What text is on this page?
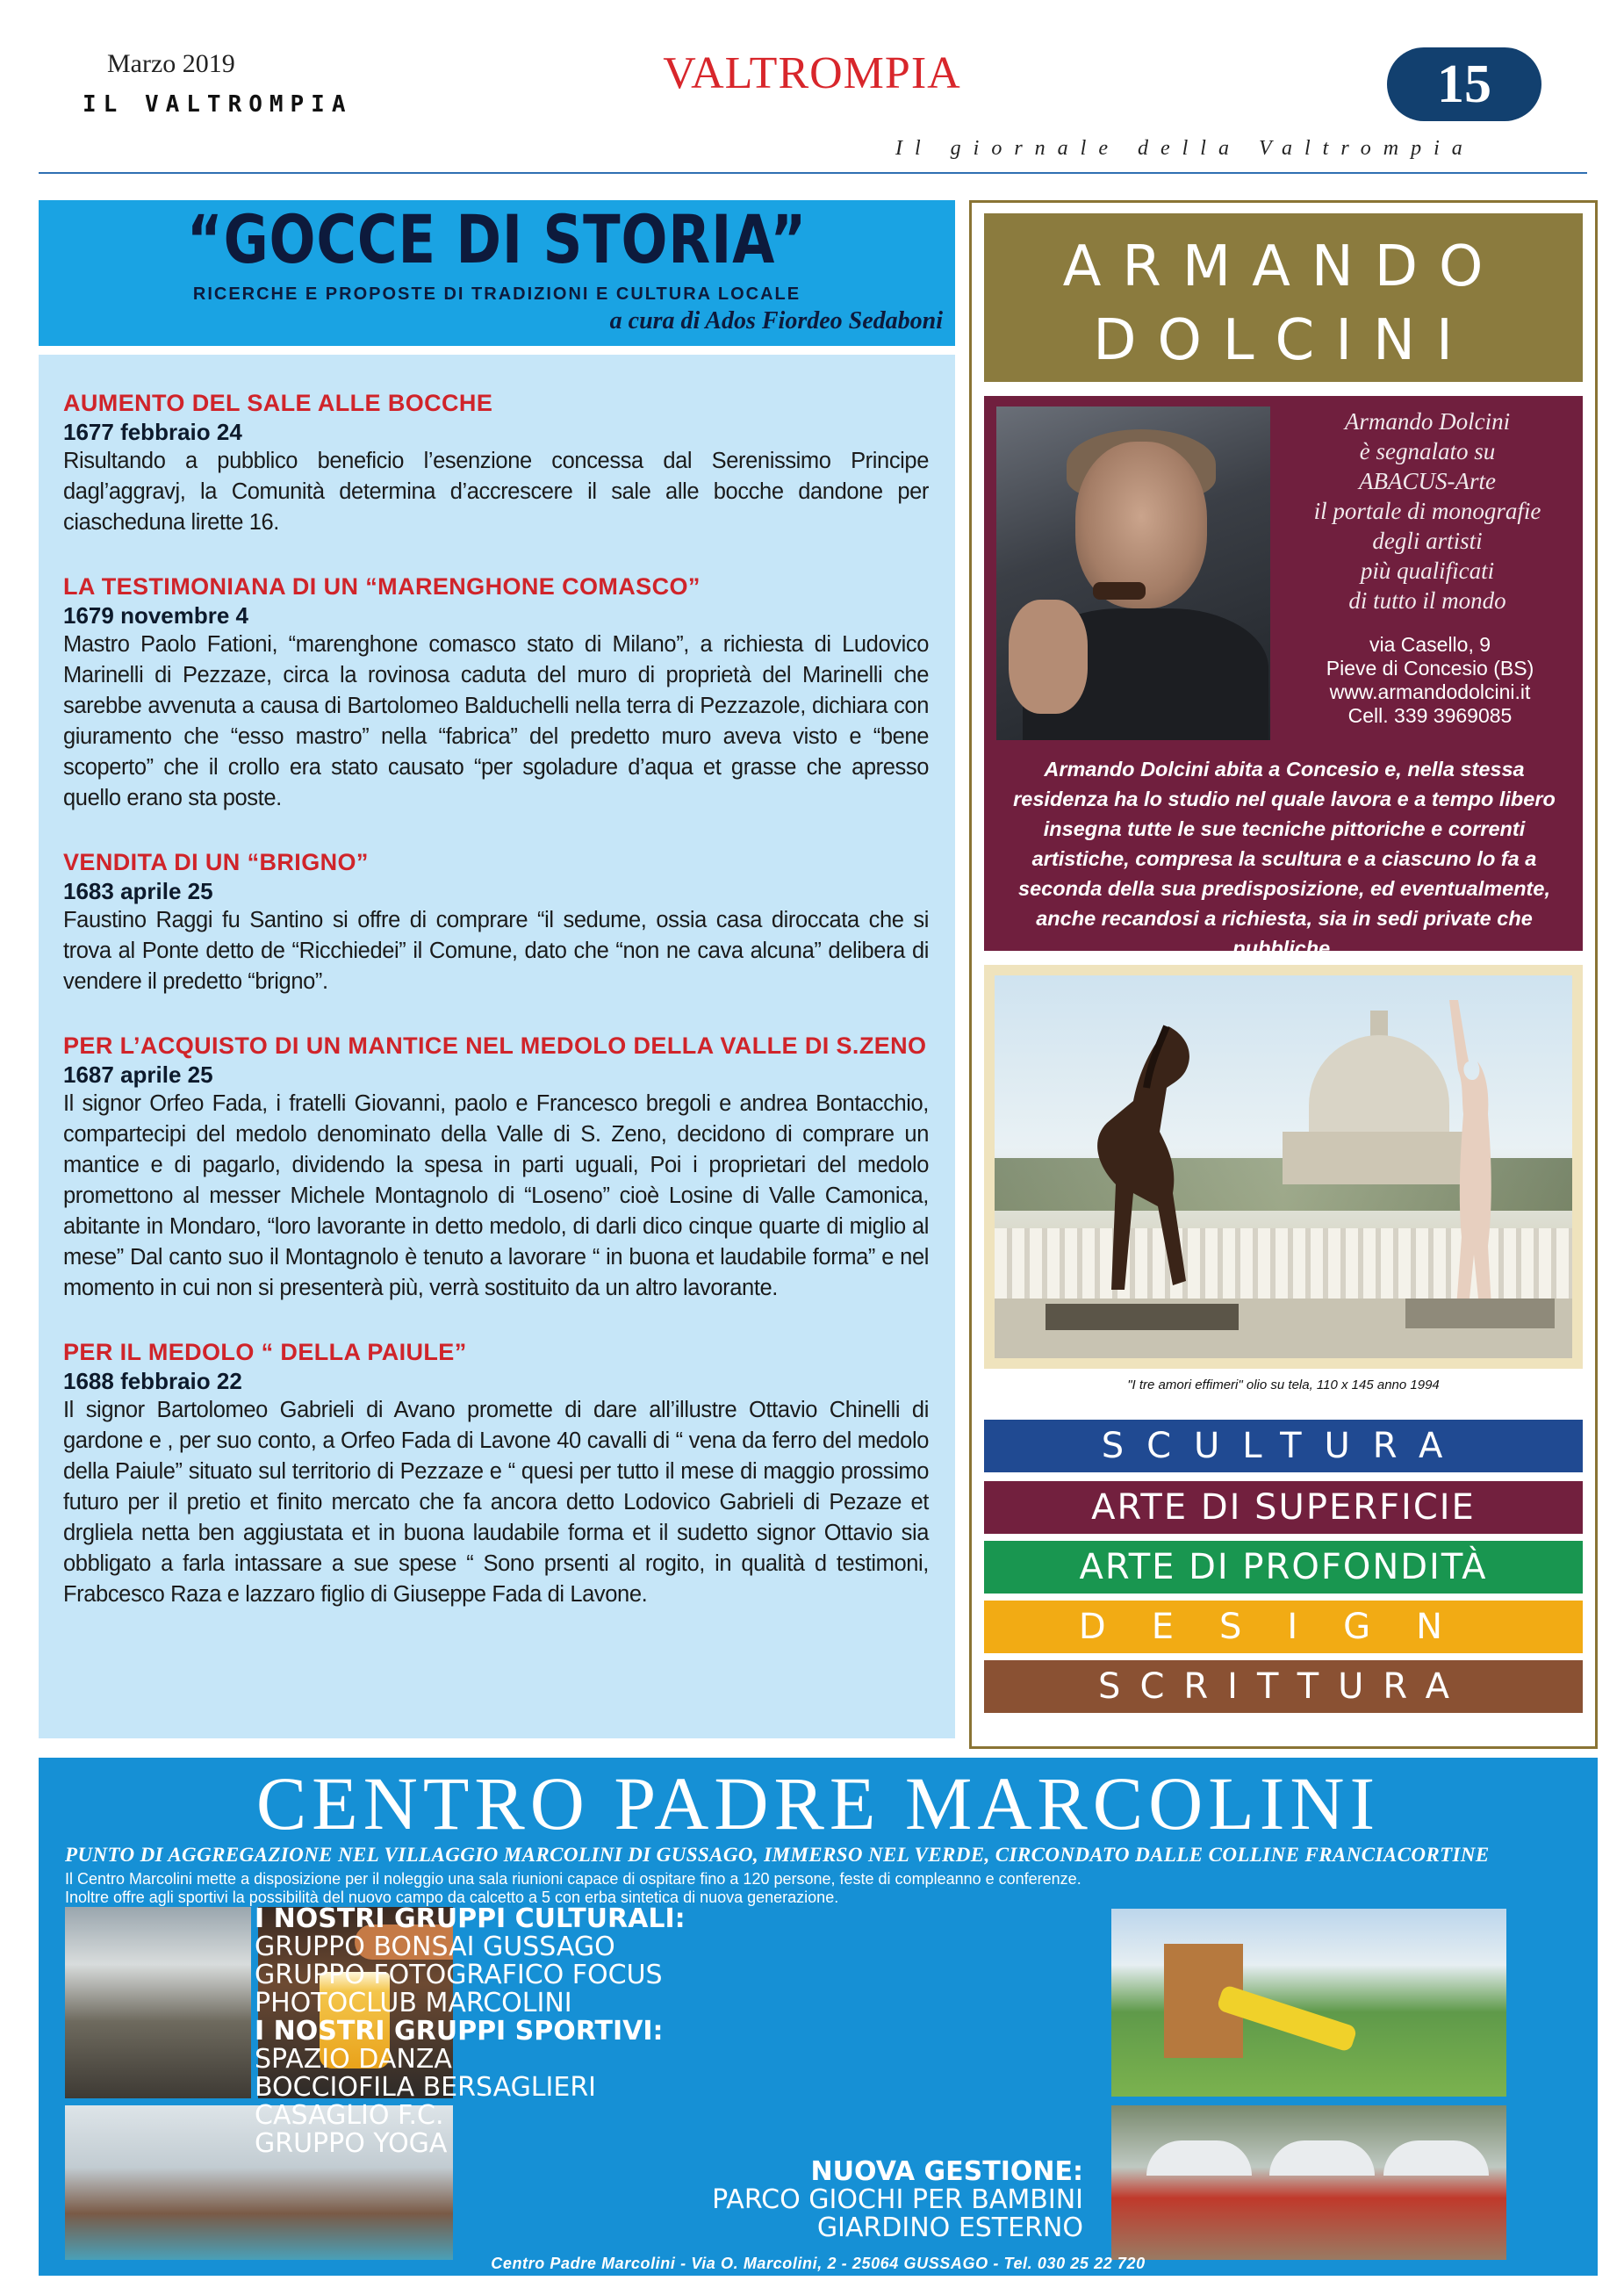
Marzo 2019
IL VALTROMPIA
VALTROMPIA	15
Il giornale della Valtrompia
“GOCCE DI STORIA”
RICERCHE E PROPOSTE DI TRADIZIONI E CULTURA LOCALE
a cura di Ados Fiordeo Sedaboni
AUMENTO DEL SALE ALLE BOCCHE
1677 febbraio 24
Risultando a pubblico beneficio l’esenzione concessa dal Serenissimo Principe dagl’aggravj, la Comunità determina d’accrescere il sale alle bocche dandone per ciascheduna lirette 16.
LA TESTIMONIANA DI UN “MARENGHONE COMASCO”
1679 novembre 4
Mastro Paolo Fationi, “marenghone comasco stato di Milano”, a richiesta di Ludovico Marinelli di Pezzaze, circa la rovinosa caduta del muro di proprietà del Marinelli che sarebbe avvenuta a causa di Bartolomeo Balduchelli nella terra di Pezzazole, dichiara con giuramento che “esso mastro” nella “fabrica” del predetto muro aveva visto e “bene scoperto” che il crollo era stato causato “per sgoladure d’aqua et grasse che apresso quello erano sta poste.
VENDITA DI UN “BRIGNO”
1683 aprile 25
Faustino Raggi fu Santino si offre di comprare “il sedume, ossia casa diroccata che si trova al Ponte detto de “Ricchiedei” il Comune, dato che “non ne cava alcuna” delibera di vendere il predetto “brigno”.
PER L’ACQUISTO DI UN MANTICE NEL MEDOLO DELLA VALLE DI S.ZENO
1687 aprile 25
Il signor Orfeo Fada, i fratelli Giovanni, paolo e Francesco bregoli e andrea Bontacchio, compartecipi del medolo denominato della Valle di S. Zeno, decidono di comprare un mantice e di pagarlo, dividendo la spesa in parti uguali, Poi i proprietari del medolo promettono al messer Michele Montagnolo di “Loseno” cioè Losine di Valle Camonica, abitante in Mondaro, “loro lavorante in detto medolo, di darli dico cinque quarte di miglio al mese” Dal canto suo il Montagnolo è tenuto a lavorare “ in buona et laudabile forma” e nel momento in cui non si presenterà più, verrà sostituito da un altro lavorante.
PER IL MEDOLO “ DELLA PAIULE”
1688 febbraio 22
Il signor Bartolomeo Gabrieli di Avano promette di dare all’illustre Ottavio Chinelli di gardone e , per suo conto, a Orfeo Fada di Lavone 40 cavalli di “ vena da ferro del medolo della Paiule” situato sul territorio di Pezzaze e “ quesi per tutto il mese di maggio prossimo futuro per il pretio et finito mercato che fa ancora detto Lodovico Gabrieli di Pezaze et drgliela netta ben aggiustata et in buona laudabile forma et il sudetto signor Ottavio sia obbligato a farla intassare a sue spese “ Sono prsenti al rogito, in qualità d testimoni, Frabcesco Raza e lazzaro figlio di Giuseppe Fada di Lavone.
ARMANDO
DOLCINI
Armando Dolcini
è segnalato su
ABACUS-Arte
il portale di monografie
degli artisti
più qualificati
di tutto il mondo
via Casello, 9
Pieve di Concesio (BS)
www.armandodolcini.it
Cell. 339 3969085
Armando Dolcini abita a Concesio e, nella stessa residenza ha lo studio nel quale lavora e a tempo libero insegna tutte le sue tecniche pittoriche e correnti artistiche, compresa la scultura e a ciascuno lo fa a seconda della sua predisposizione, ed eventualmente, anche recandosi a richiesta, sia in sedi private che pubbliche.
"I tre amori effimeri" olio su tela, 110 x 145 anno 1994
SCULTURA
ARTE DI SUPERFICIE
ARTE DI PROFONDITÀ
DESIGN
SCRITTURA
CENTRO PADRE MARCOLINI
PUNTO DI AGGREGAZIONE NEL VILLAGGIO MARCOLINI DI GUSSAGO, IMMERSO NEL VERDE, CIRCONDATO DALLE COLLINE FRANCIACORTINE
Il Centro Marcolini mette a disposizione per il noleggio una sala riunioni capace di ospitare fino a 120 persone, feste di compleanno e conferenze.
Inoltre offre agli sportivi la possibilità del nuovo campo da calcetto a 5 con erba sintetica di nuova generazione.
I NOSTRI GRUPPI CULTURALI:
GRUPPO BONSAI GUSSAGO
GRUPPO FOTOGRAFICO FOCUS
PHOTOCLUB MARCOLINI
I NOSTRI GRUPPI SPORTIVI:
SPAZIO DANZA
BOCCIOFILA BERSAGLIERI
CASAGLIO F.C.
GRUPPO YOGA
NUOVA GESTIONE:
PARCO GIOCHI PER BAMBINI
GIARDINO ESTERNO
Centro Padre Marcolini - Via O. Marcolini, 2 - 25064 GUSSAGO - Tel. 030 25 22 720
